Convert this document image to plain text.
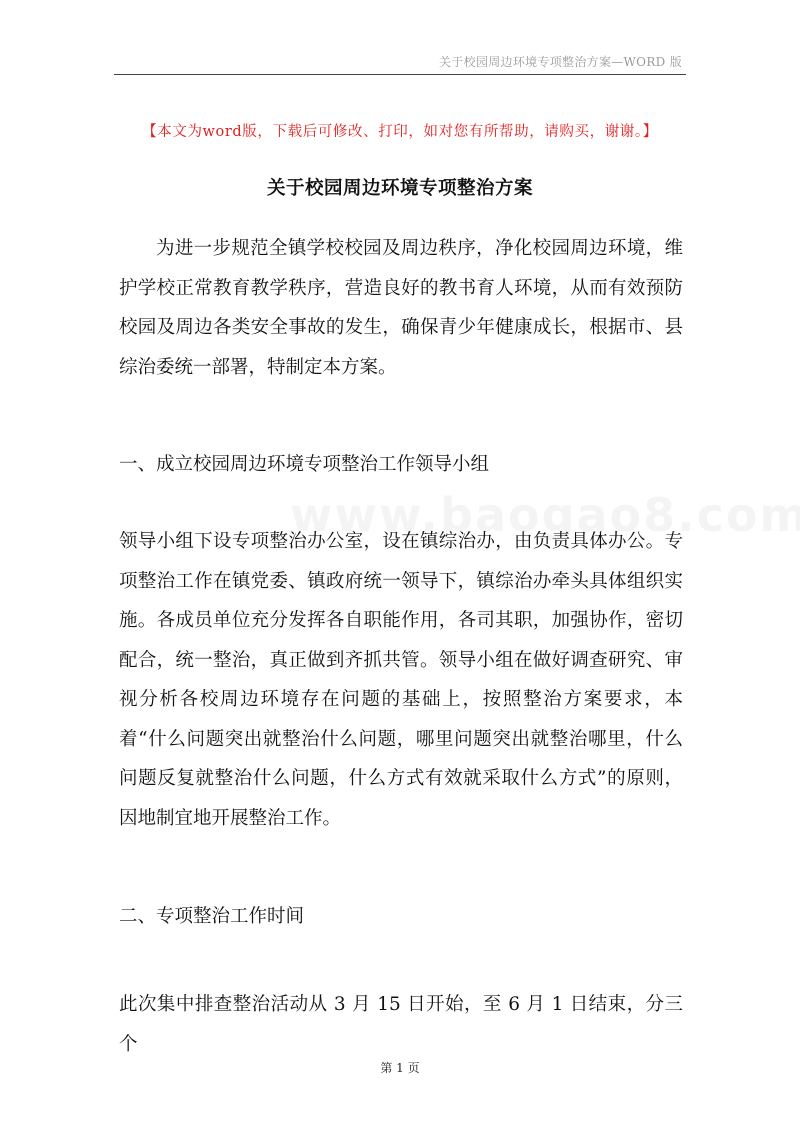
关于校园周边环境专项整治方案—WORD 版
【本文为word版，下载后可修改、打印，如对您有所帮助，请购买，谢谢。】
关于校园周边环境专项整治方案

为进一步规范全镇学校校园及周边秩序，净化校园周边环境，维护学校正常教育教学秩序，营造良好的教书育人环境，从而有效预防校园及周边各类安全事故的发生，确保青少年健康成长，根据市、县综治委统一部署，特制定本方案。

一、成立校园周边环境专项整治工作领导小组

领导小组下设专项整治办公室，设在镇综治办，由负责具体办公。专项整治工作在镇党委、镇政府统一领导下，镇综治办牵头具体组织实施。各成员单位充分发挥各自职能作用，各司其职，加强协作，密切配合，统一整治，真正做到齐抓共管。领导小组在做好调查研究、审视分析各校周边环境存在问题的基础上，按照整治方案要求，本着“什么问题突出就整治什么问题，哪里问题突出就整治哪里，什么问题反复就整治什么问题，什么方式有效就采取什么方式”的原则，因地制宜地开展整治工作。

二、专项整治工作时间

此次集中排查整治活动从 3 月 15 日开始，至 6 月 1 日结束，分三个

第 1 页
